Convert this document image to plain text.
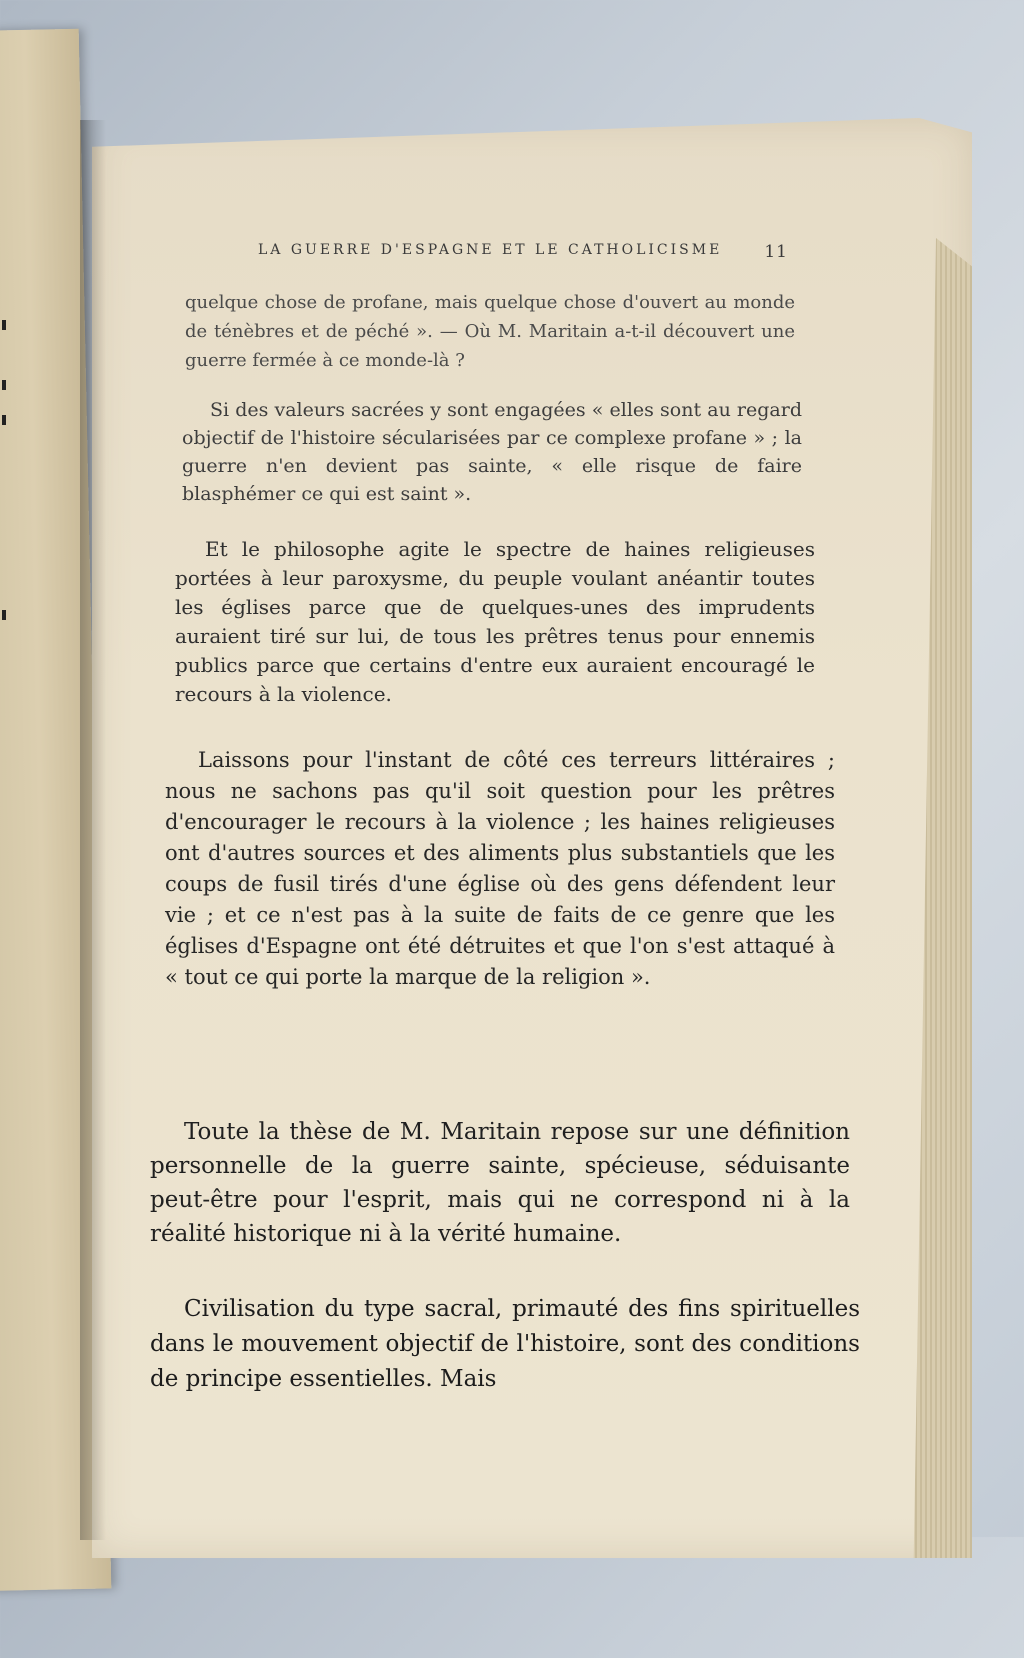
LA GUERRE D'ESPAGNE ET LE CATHOLICISME 11

quelque chose de profane, mais quelque chose d'ouvert au monde de ténèbres et de péché ». — Où M. Maritain a-t-il découvert une guerre fermée à ce monde-là ?

Si des valeurs sacrées y sont engagées « elles sont au regard objectif de l'histoire sécularisées par ce complexe profane » ; la guerre n'en devient pas sainte, « elle risque de faire blasphémer ce qui est saint ».

Et le philosophe agite le spectre de haines religieuses portées à leur paroxysme, du peuple voulant anéantir toutes les églises parce que de quelques-unes des imprudents auraient tiré sur lui, de tous les prêtres tenus pour ennemis publics parce que certains d'entre eux auraient encouragé le recours à la violence.

Laissons pour l'instant de côté ces terreurs littéraires ; nous ne sachons pas qu'il soit question pour les prêtres d'encourager le recours à la violence ; les haines religieuses ont d'autres sources et des aliments plus substantiels que les coups de fusil tirés d'une église où des gens défendent leur vie ; et ce n'est pas à la suite de faits de ce genre que les églises d'Espagne ont été détruites et que l'on s'est attaqué à « tout ce qui porte la marque de la religion ».

Toute la thèse de M. Maritain repose sur une définition personnelle de la guerre sainte, spécieuse, séduisante peut-être pour l'esprit, mais qui ne correspond ni à la réalité historique ni à la vérité humaine.

Civilisation du type sacral, primauté des fins spirituelles dans le mouvement objectif de l'histoire, sont des conditions de principe essentielles. Mais
